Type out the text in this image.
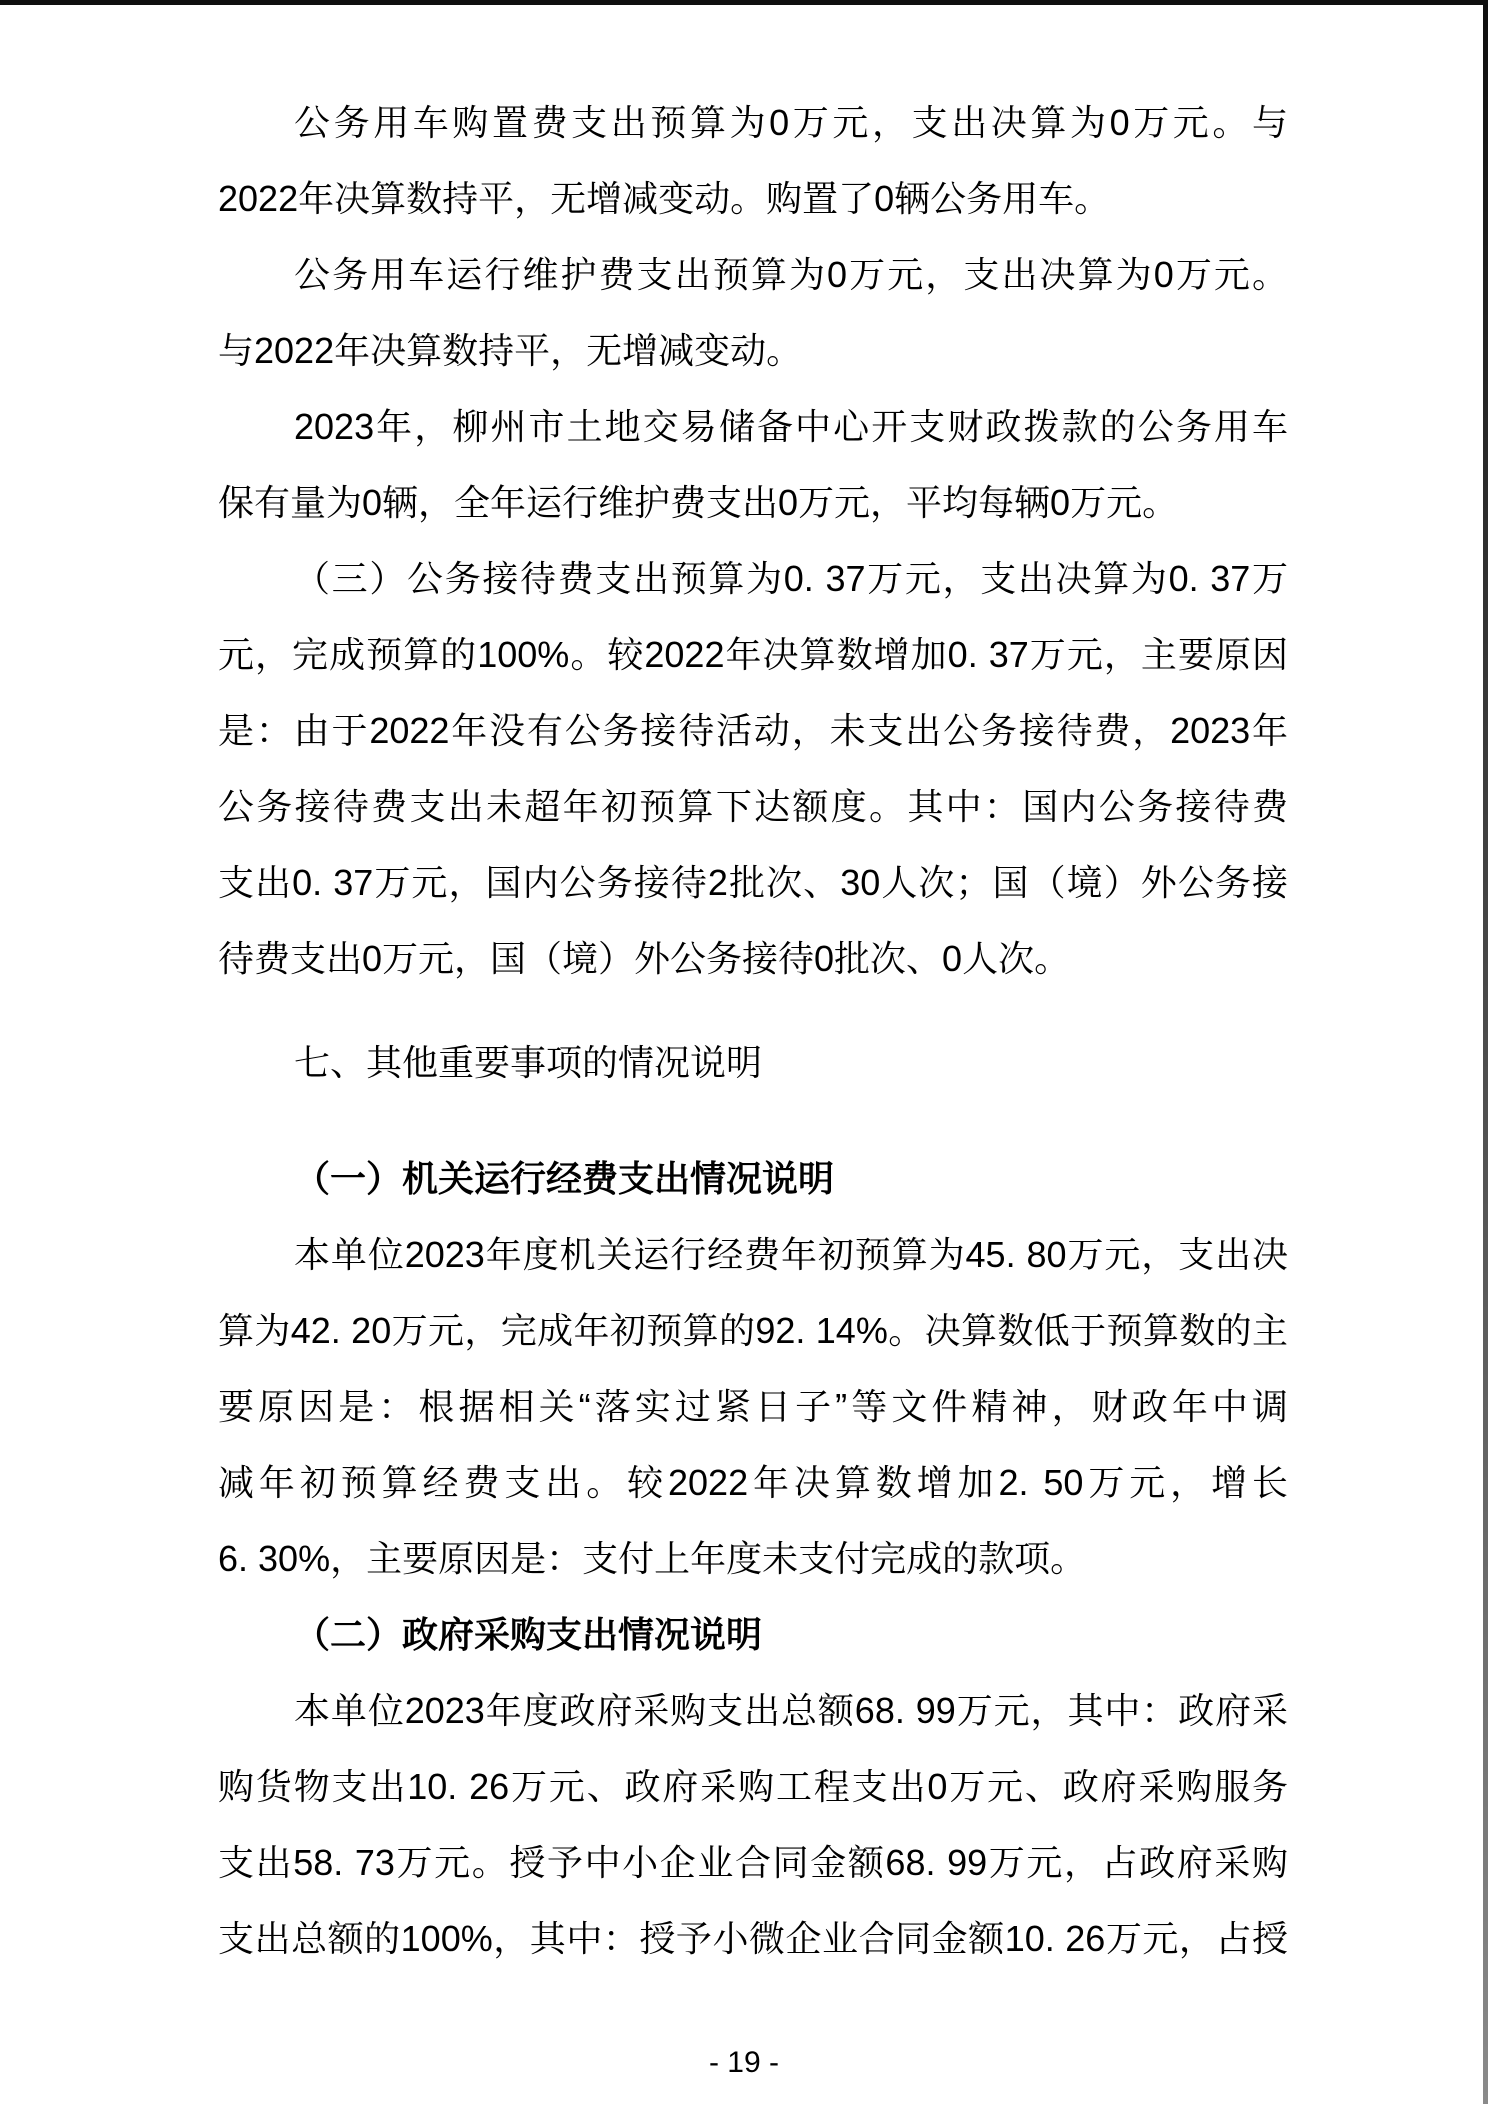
公务用车购置费支出预算为0万元，支出决算为0万元。与
2022年决算数持平，无增减变动。购置了0辆公务用车。
公务用车运行维护费支出预算为0万元，支出决算为0万元。
与2022年决算数持平，无增减变动。
2023年，柳州市土地交易储备中心开支财政拨款的公务用车
保有量为0辆，全年运行维护费支出0万元，平均每辆0万元。
（三）公务接待费支出预算为0. 37万元，支出决算为0. 37万
元，完成预算的100%。较2022年决算数增加0. 37万元，主要原因
是：由于2022年没有公务接待活动，未支出公务接待费，2023年
公务接待费支出未超年初预算下达额度。其中：国内公务接待费
支出0. 37万元，国内公务接待2批次、30人次；国（境）外公务接
待费支出0万元，国（境）外公务接待0批次、0人次。
七、其他重要事项的情况说明
（一）机关运行经费支出情况说明
本单位2023年度机关运行经费年初预算为45. 80万元，支出决
算为42. 20万元，完成年初预算的92. 14%。决算数低于预算数的主
要原因是：根据相关“落实过紧日子”等文件精神，财政年中调
减年初预算经费支出。较2022年决算数增加2. 50万元，增长
6. 30%，主要原因是：支付上年度未支付完成的款项。
（二）政府采购支出情况说明
本单位2023年度政府采购支出总额68. 99万元，其中：政府采
购货物支出10. 26万元、政府采购工程支出0万元、政府采购服务
支出58. 73万元。授予中小企业合同金额68. 99万元，占政府采购
支出总额的100%，其中：授予小微企业合同金额10. 26万元，占授
- 19 -
